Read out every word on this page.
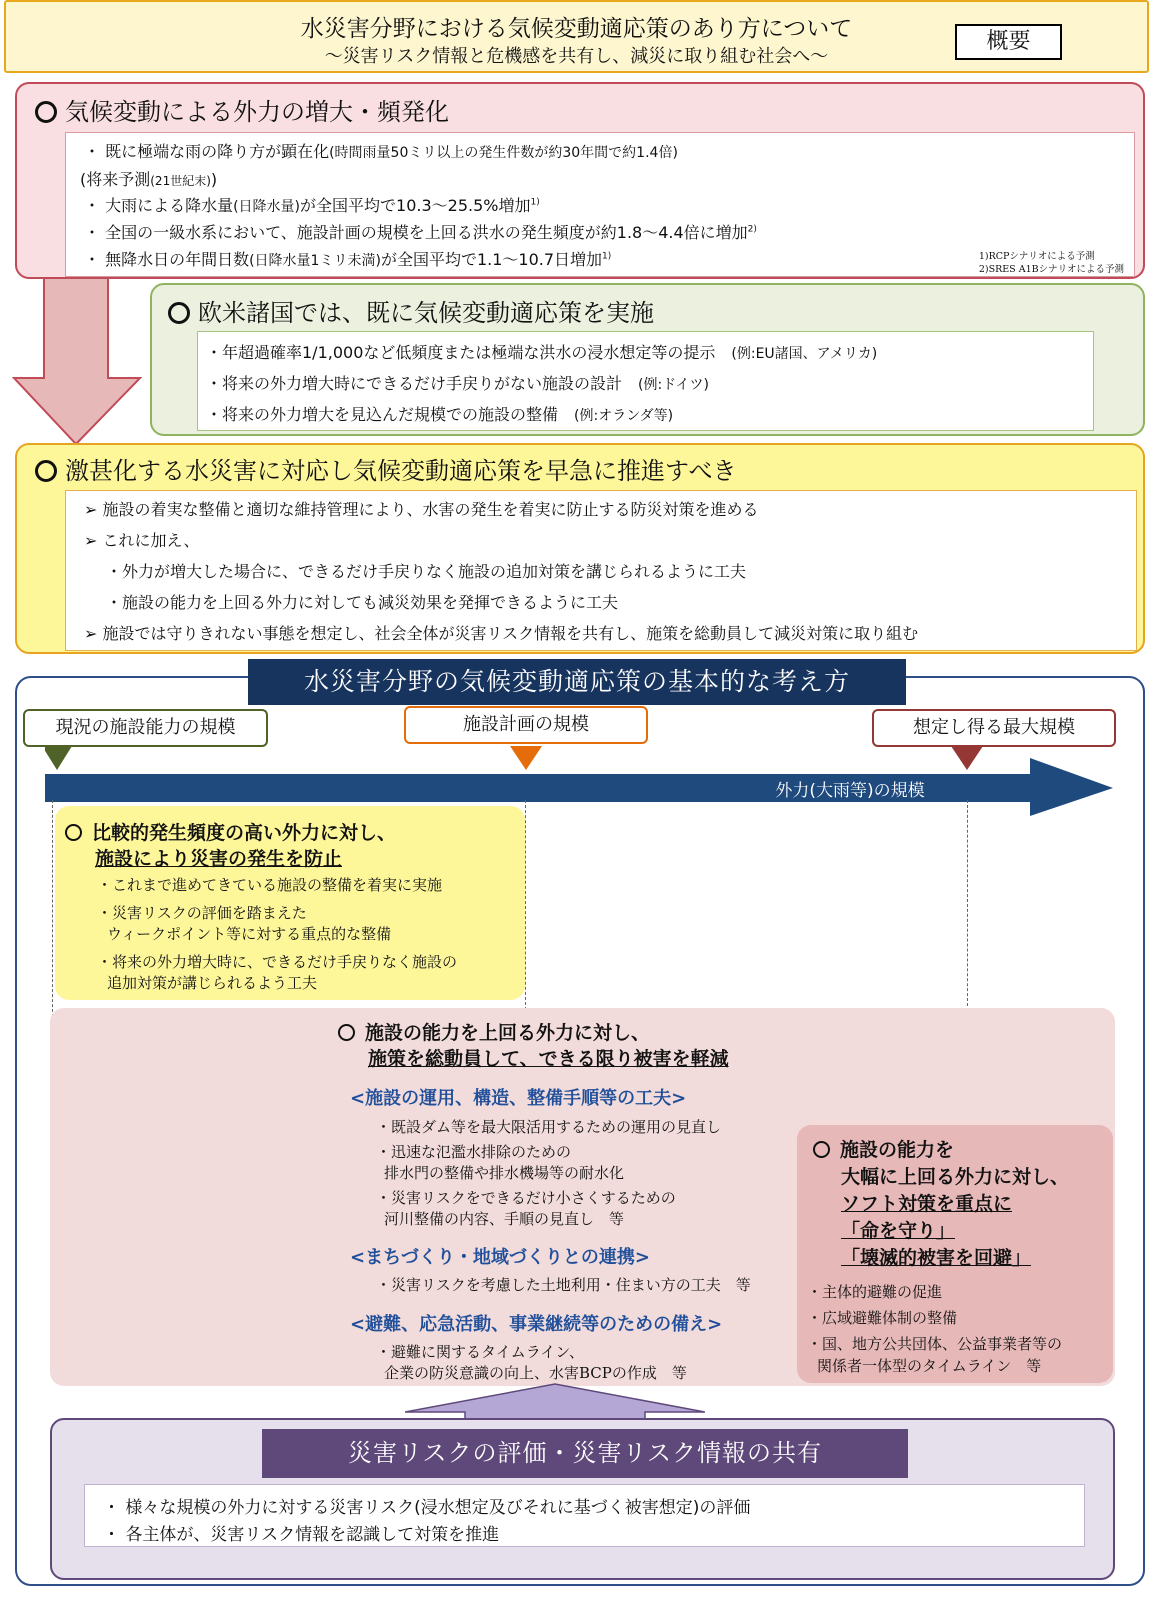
水災害分野における気候変動適応策のあり方について
～災害リスク情報と危機感を共有し、減災に取り組む社会へ～
概要
気候変動による外力の増大・頻発化
・ 既に極端な雨の降り方が顕在化(時間雨量50ミリ以上の発生件数が約30年間で約1.4倍)
(将来予測(21世紀末))
・ 大雨による降水量(日降水量)が全国平均で10.3～25.5%増加$^{1)}$
・ 全国の一級水系において、施設計画の規模を上回る洪水の発生頻度が約1.8～4.4倍に増加$^{2)}$
・ 無降水日の年間日数(日降水量1ミリ未満)が全国平均で1.1～10.7日増加$^{1)}$	1)RCPシナリオによる予測
2)SRES A1Bシナリオによる予測
欧米諸国では、既に気候変動適応策を実施
・年超過確率1/1,000など低頻度または極端な洪水の浸水想定等の提示　 (例:EU諸国、アメリカ)
・将来の外力増大時にできるだけ手戻りがない施設の設計　 (例:ドイツ)
・将来の外力増大を見込んだ規模での施設の整備　 (例:オランダ等)
激甚化する水災害に対応し気候変動適応策を早急に推進すべき
➢ 施設の着実な整備と適切な維持管理により、水害の発生を着実に防止する防災対策を進める
➢ これに加え、
・外力が増大した場合に、できるだけ手戻りなく施設の追加対策を講じられるように工夫
・施設の能力を上回る外力に対しても減災効果を発揮できるように工夫
➢ 施設では守りきれない事態を想定し、社会全体が災害リスク情報を共有し、施策を総動員して減災対策に取り組む
水災害分野の気候変動適応策の基本的な考え方
現況の施設能力の規模	施設計画の規模	想定し得る最大規模
外力(大雨等)の規模
比較的発生頻度の高い外力に対し、
施設により災害の発生を防止
・これまで進めてきている施設の整備を着実に実施
・災害リスクの評価を踏まえた
ウィークポイント等に対する重点的な整備
・将来の外力増大時に、できるだけ手戻りなく施設の
追加対策が講じられるよう工夫
施設の能力を上回る外力に対し、
施策を総動員して、できる限り被害を軽減
<施設の運用、構造、整備手順等の工夫>
・既設ダム等を最大限活用するための運用の見直し
・迅速な氾濫水排除のための
排水門の整備や排水機場等の耐水化
・災害リスクをできるだけ小さくするための
河川整備の内容、手順の見直し　等
<まちづくり・地域づくりとの連携>
・災害リスクを考慮した土地利用・住まい方の工夫　等
<避難、応急活動、事業継続等のための備え>
・避難に関するタイムライン、
企業の防災意識の向上、水害BCPの作成　等
施設の能力を
大幅に上回る外力に対し、
ソフト対策を重点に
「命を守り」
「壊滅的被害を回避」
・主体的避難の促進
・広域避難体制の整備
・国、地方公共団体、公益事業者等の
関係者一体型のタイムライン　等
災害リスクの評価・災害リスク情報の共有
・ 様々な規模の外力に対する災害リスク(浸水想定及びそれに基づく被害想定)の評価
・ 各主体が、災害リスク情報を認識して対策を推進
